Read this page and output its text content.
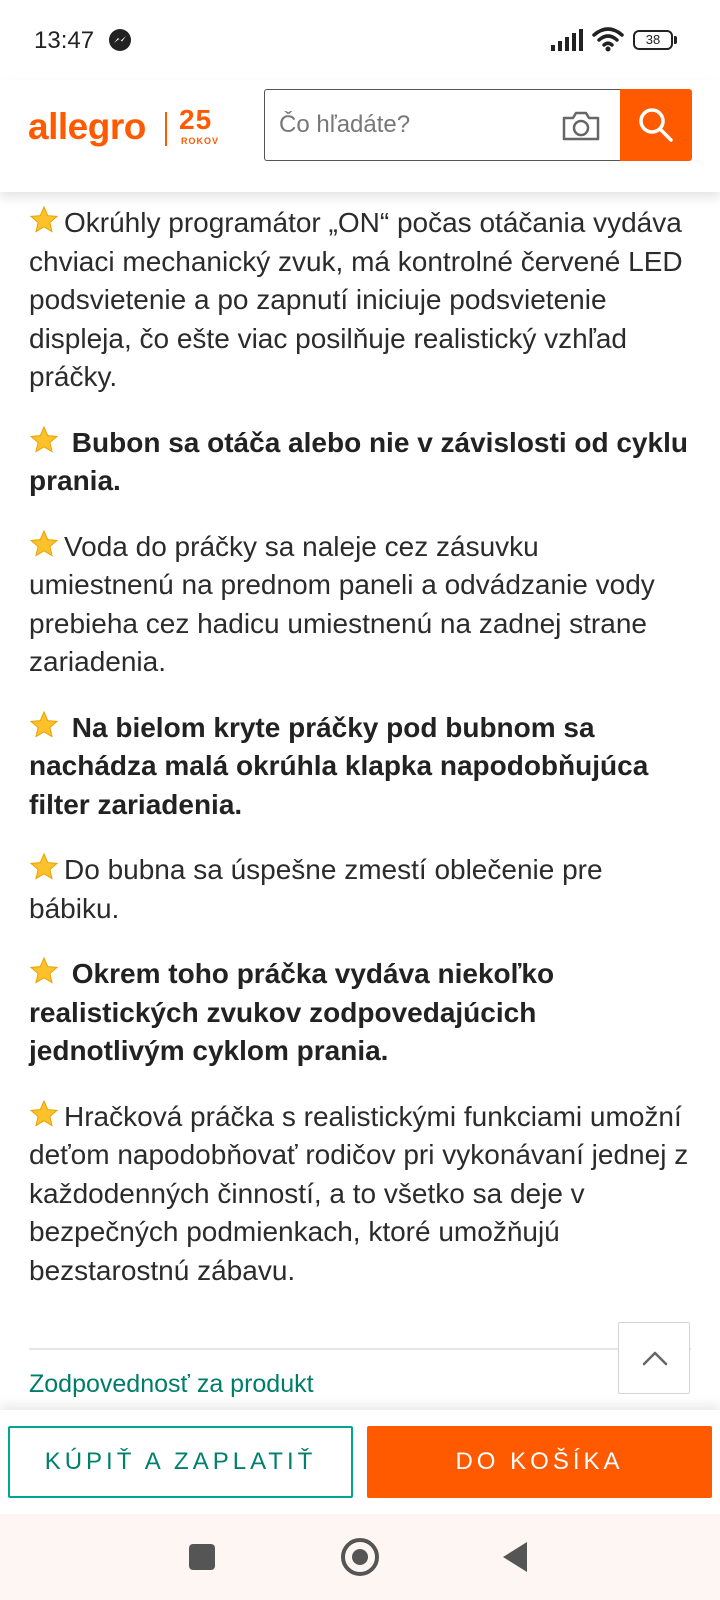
13:47	38
allegro 25
ROKOV
Čo hľadáte?

Okrúhly programátor „ON“ počas otáčania vydáva chviaci mechanický zvuk, má kontrolné červené LED podsvietenie a po zapnutí iniciuje podsvietenie displeja, čo ešte viac posilňuje realistický vzhľad práčky.

Bubon sa otáča alebo nie v závislosti od cyklu prania.

Voda do práčky sa naleje cez zásuvku umiestnenú na prednom paneli a odvádzanie vody prebieha cez hadicu umiestnenú na zadnej strane zariadenia.

Na bielom kryte práčky pod bubnom sa nachádza malá okrúhla klapka napodobňujúca filter zariadenia.

Do bubna sa úspešne zmestí oblečenie pre bábiku.

Okrem toho práčka vydáva niekoľko realistických zvukov zodpovedajúcich jednotlivým cyklom prania.

Hračková práčka s realistickými funkciami umožní deťom napodobňovať rodičov pri vykonávaní jednej z každodenných činností, a to všetko sa deje v bezpečných podmienkach, ktoré umožňujú bezstarostnú zábavu.

Zodpovednosť za produkt
KÚPIŤ A ZAPLATIŤ	DO KOŠÍKA
